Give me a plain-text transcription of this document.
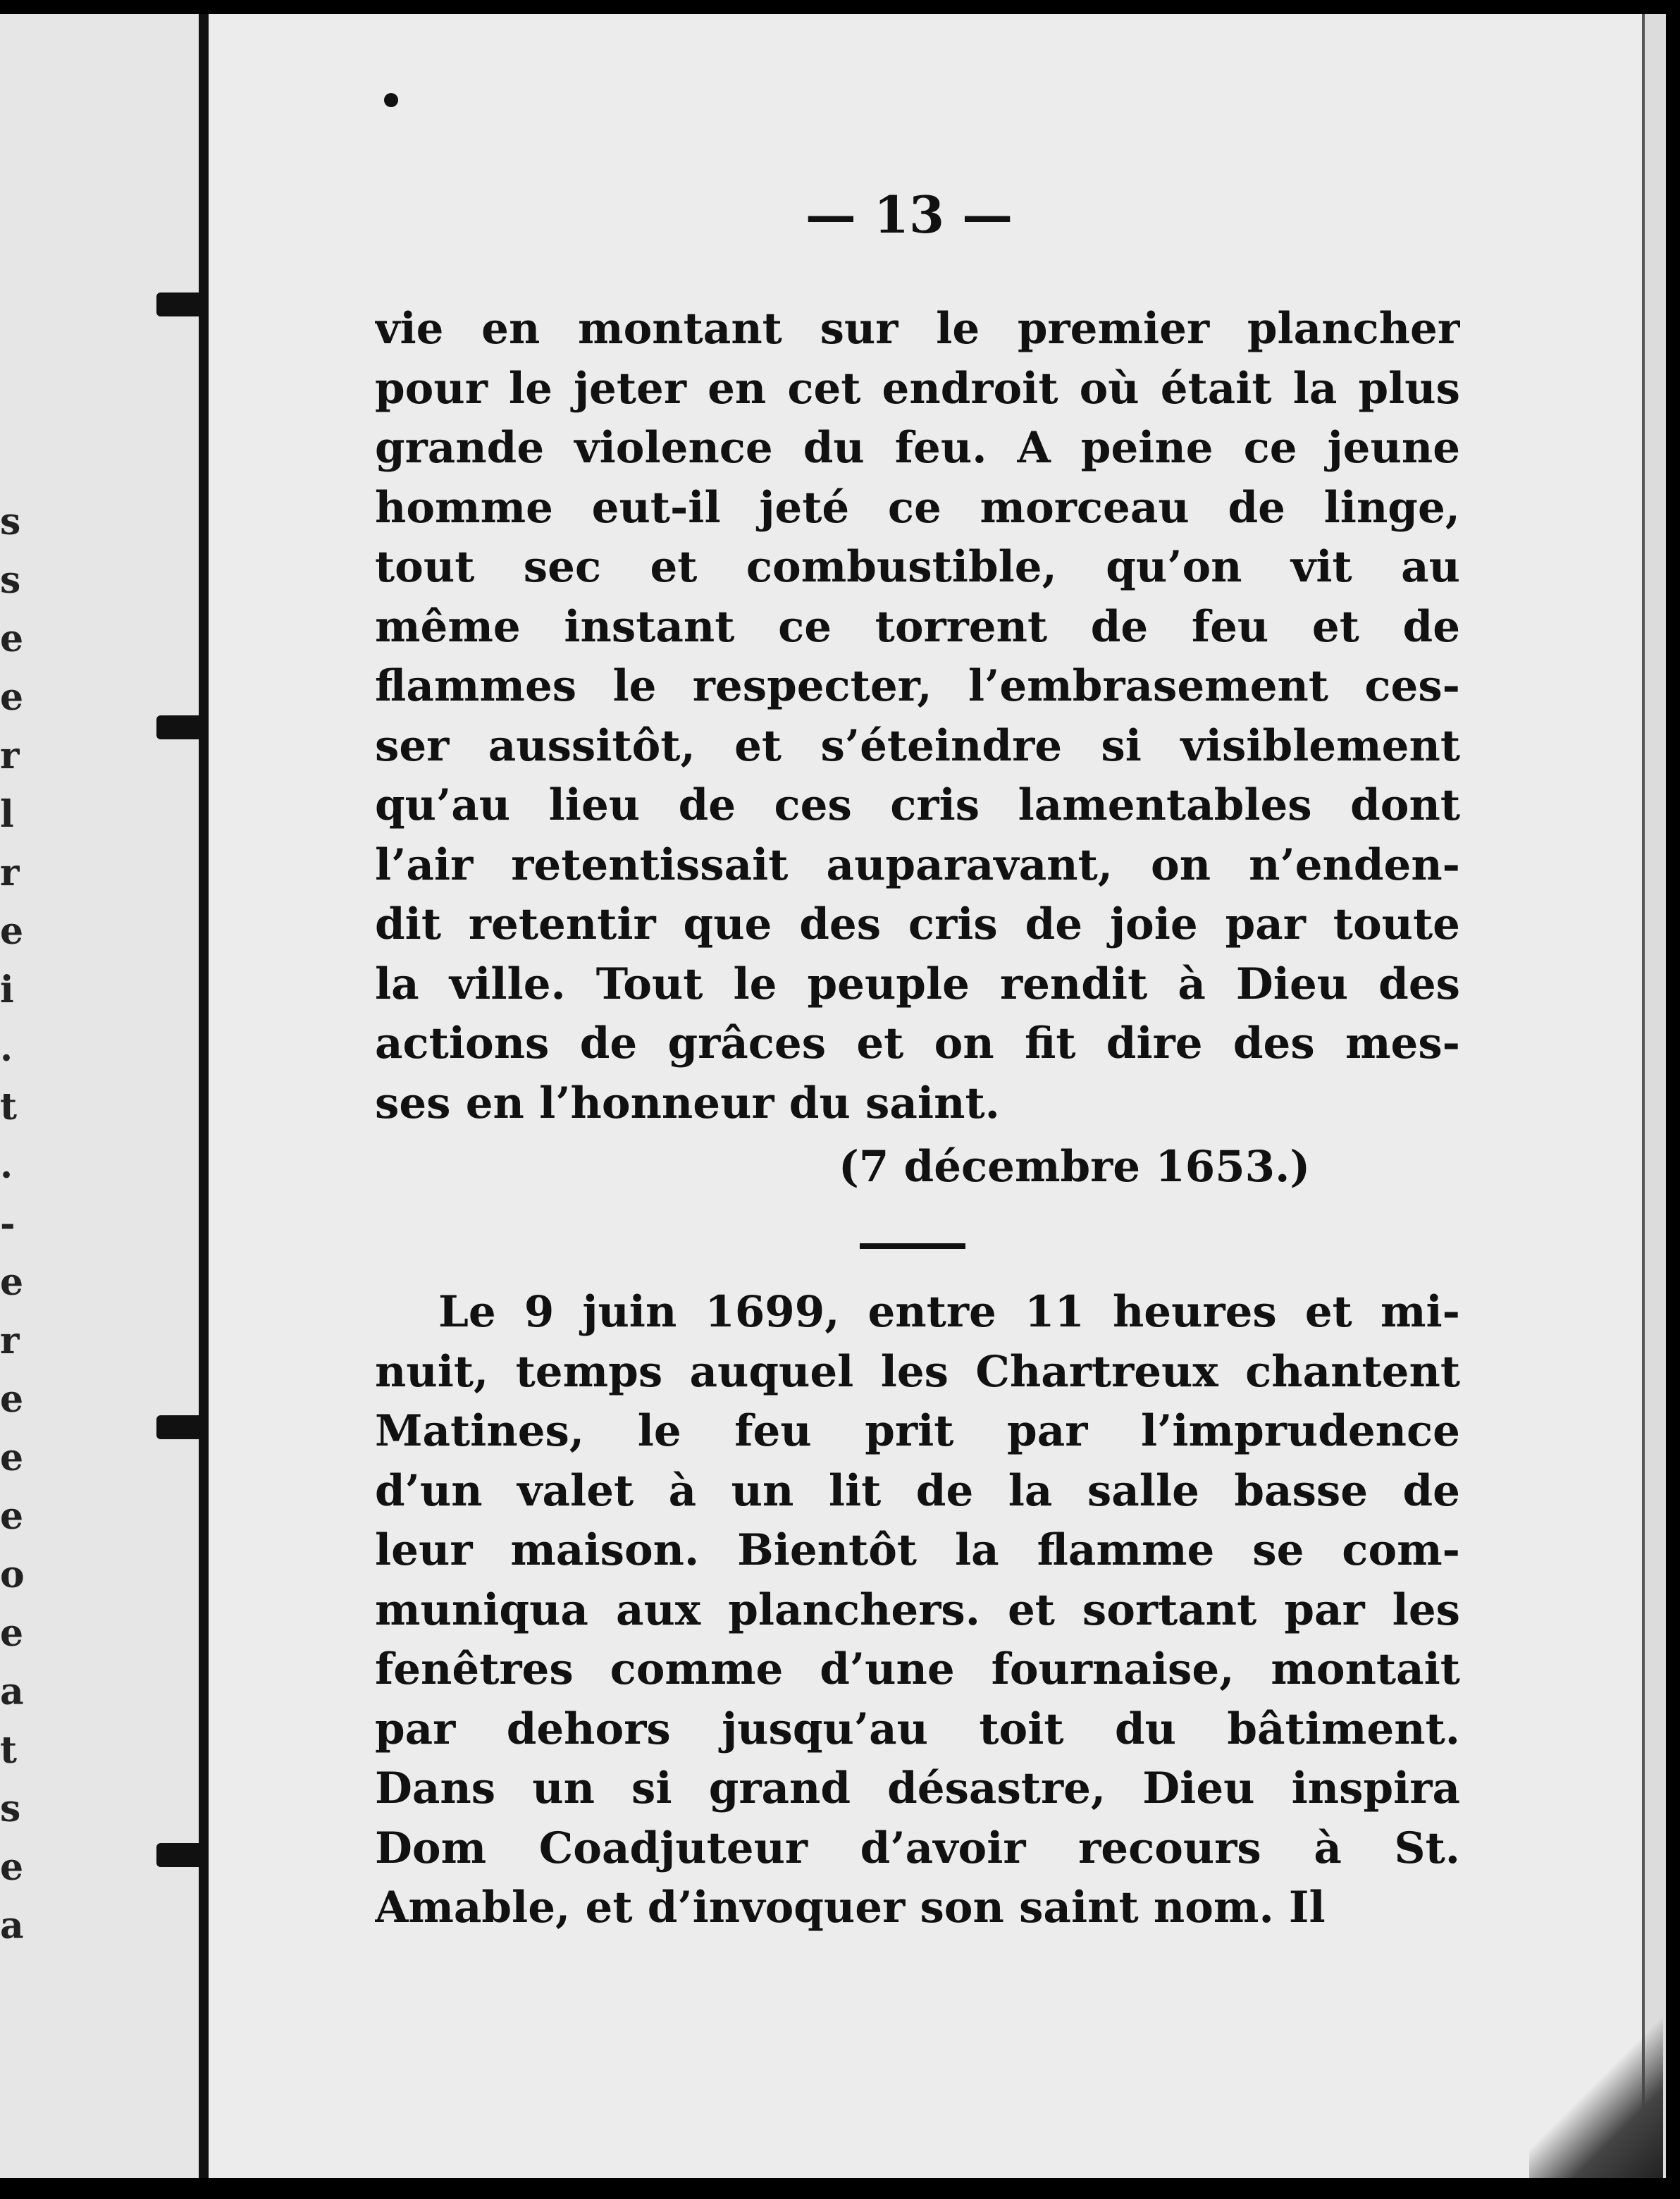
s
s
e
e
r
l
r
e
i
.
t
.
-
e
r
e
e
e
o
e
a
t
s
e
a
— 13 —
vie en montant sur le premier plancher
pour le jeter en cet endroit où était la plus
grande violence du feu. A peine ce jeune
homme eut-il jeté ce morceau de linge,
tout sec et combustible, qu’on vit au
même instant ce torrent de feu et de
flammes le respecter, l’embrasement ces-
ser aussitôt, et s’éteindre si visiblement
qu’au lieu de ces cris lamentables dont
l’air retentissait auparavant, on n’enden-
dit retentir que des cris de joie par toute
la ville. Tout le peuple rendit à Dieu des
actions de grâces et on fit dire des mes-
ses en l’honneur du saint.
(7 décembre 1653.)
Le 9 juin 1699, entre 11 heures et mi-
nuit, temps auquel les Chartreux chantent
Matines, le feu prit par l’imprudence
d’un valet à un lit de la salle basse de
leur maison. Bientôt la flamme se com-
muniqua aux planchers. et sortant par les
fenêtres comme d’une fournaise, montait
par dehors jusqu’au toit du bâtiment.
Dans un si grand désastre, Dieu inspira
Dom Coadjuteur d’avoir recours à St.
Amable, et d’invoquer son saint nom. Il
